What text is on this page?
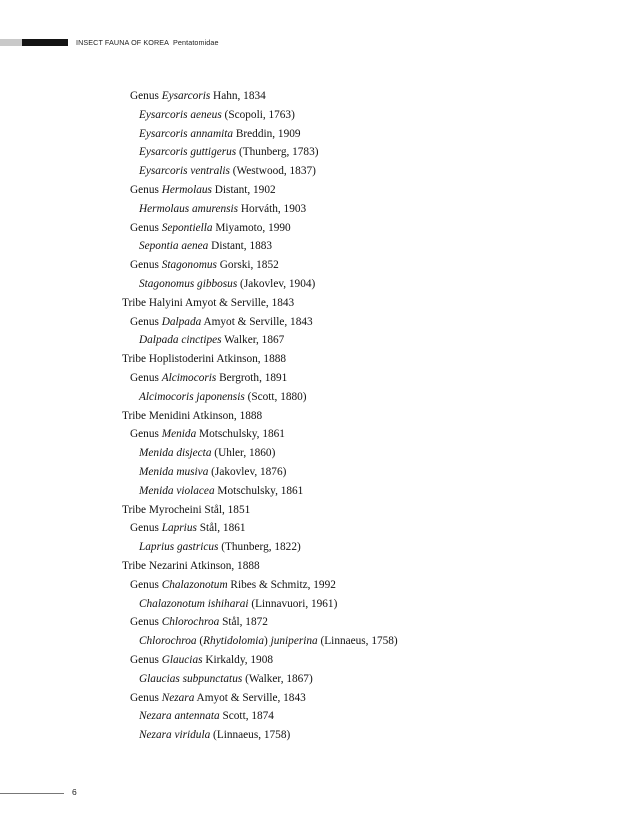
INSECT FAUNA OF KOREA Pentatomidae
Genus Eysarcoris Hahn, 1834
Eysarcoris aeneus (Scopoli, 1763)
Eysarcoris annamita Breddin, 1909
Eysarcoris guttigerus (Thunberg, 1783)
Eysarcoris ventralis (Westwood, 1837)
Genus Hermolaus Distant, 1902
Hermolaus amurensis Horváth, 1903
Genus Sepontiella Miyamoto, 1990
Sepontia aenea Distant, 1883
Genus Stagonomus Gorski, 1852
Stagonomus gibbosus (Jakovlev, 1904)
Tribe Halyini Amyot & Serville, 1843
Genus Dalpada Amyot & Serville, 1843
Dalpada cinctipes Walker, 1867
Tribe Hoplistoderini Atkinson, 1888
Genus Alcimocoris Bergroth, 1891
Alcimocoris japonensis (Scott, 1880)
Tribe Menidini Atkinson, 1888
Genus Menida Motschulsky, 1861
Menida disjecta (Uhler, 1860)
Menida musiva (Jakovlev, 1876)
Menida violacea Motschulsky, 1861
Tribe Myrocheini Stål, 1851
Genus Laprius Stål, 1861
Laprius gastricus (Thunberg, 1822)
Tribe Nezarini Atkinson, 1888
Genus Chalazonotum Ribes & Schmitz, 1992
Chalazonotum ishiharai (Linnavuori, 1961)
Genus Chlorochroa Stål, 1872
Chlorochroa (Rhytidolomia) juniperina (Linnaeus, 1758)
Genus Glaucias Kirkaldy, 1908
Glaucias subpunctatus (Walker, 1867)
Genus Nezara Amyot & Serville, 1843
Nezara antennata Scott, 1874
Nezara viridula (Linnaeus, 1758)
6
